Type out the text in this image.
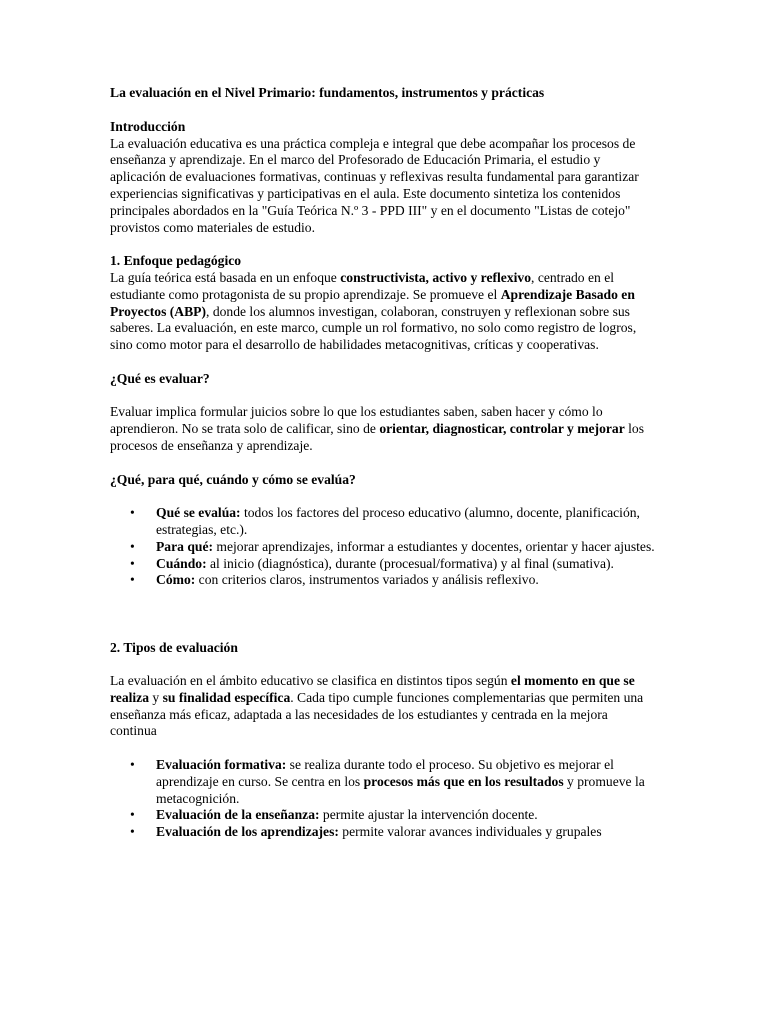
La evaluación en el Nivel Primario: fundamentos, instrumentos y prácticas

Introducción

La evaluación educativa es una práctica compleja e integral que debe acompañar los procesos de enseñanza y aprendizaje. En el marco del Profesorado de Educación Primaria, el estudio y aplicación de evaluaciones formativas, continuas y reflexivas resulta fundamental para garantizar experiencias significativas y participativas en el aula. Este documento sintetiza los contenidos principales abordados en la "Guía Teórica N.º 3 - PPD III" y en el documento "Listas de cotejo" provistos como materiales de estudio.

1. Enfoque pedagógico

La guía teórica está basada en un enfoque constructivista, activo y reflexivo, centrado en el estudiante como protagonista de su propio aprendizaje. Se promueve el Aprendizaje Basado en Proyectos (ABP), donde los alumnos investigan, colaboran, construyen y reflexionan sobre sus saberes. La evaluación, en este marco, cumple un rol formativo, no solo como registro de logros, sino como motor para el desarrollo de habilidades metacognitivas, críticas y cooperativas.

¿Qué es evaluar?

Evaluar implica formular juicios sobre lo que los estudiantes saben, saben hacer y cómo lo aprendieron. No se trata solo de calificar, sino de orientar, diagnosticar, controlar y mejorar los procesos de enseñanza y aprendizaje.

¿Qué, para qué, cuándo y cómo se evalúa?

• Qué se evalúa: todos los factores del proceso educativo (alumno, docente, planificación, estrategias, etc.).
• Para qué: mejorar aprendizajes, informar a estudiantes y docentes, orientar y hacer ajustes.
• Cuándo: al inicio (diagnóstica), durante (procesual/formativa) y al final (sumativa).
• Cómo: con criterios claros, instrumentos variados y análisis reflexivo.

2. Tipos de evaluación

La evaluación en el ámbito educativo se clasifica en distintos tipos según el momento en que se realiza y su finalidad específica. Cada tipo cumple funciones complementarias que permiten una enseñanza más eficaz, adaptada a las necesidades de los estudiantes y centrada en la mejora continua

• Evaluación formativa: se realiza durante todo el proceso. Su objetivo es mejorar el aprendizaje en curso. Se centra en los procesos más que en los resultados y promueve la metacognición.
• Evaluación de la enseñanza: permite ajustar la intervención docente.
• Evaluación de los aprendizajes: permite valorar avances individuales y grupales
